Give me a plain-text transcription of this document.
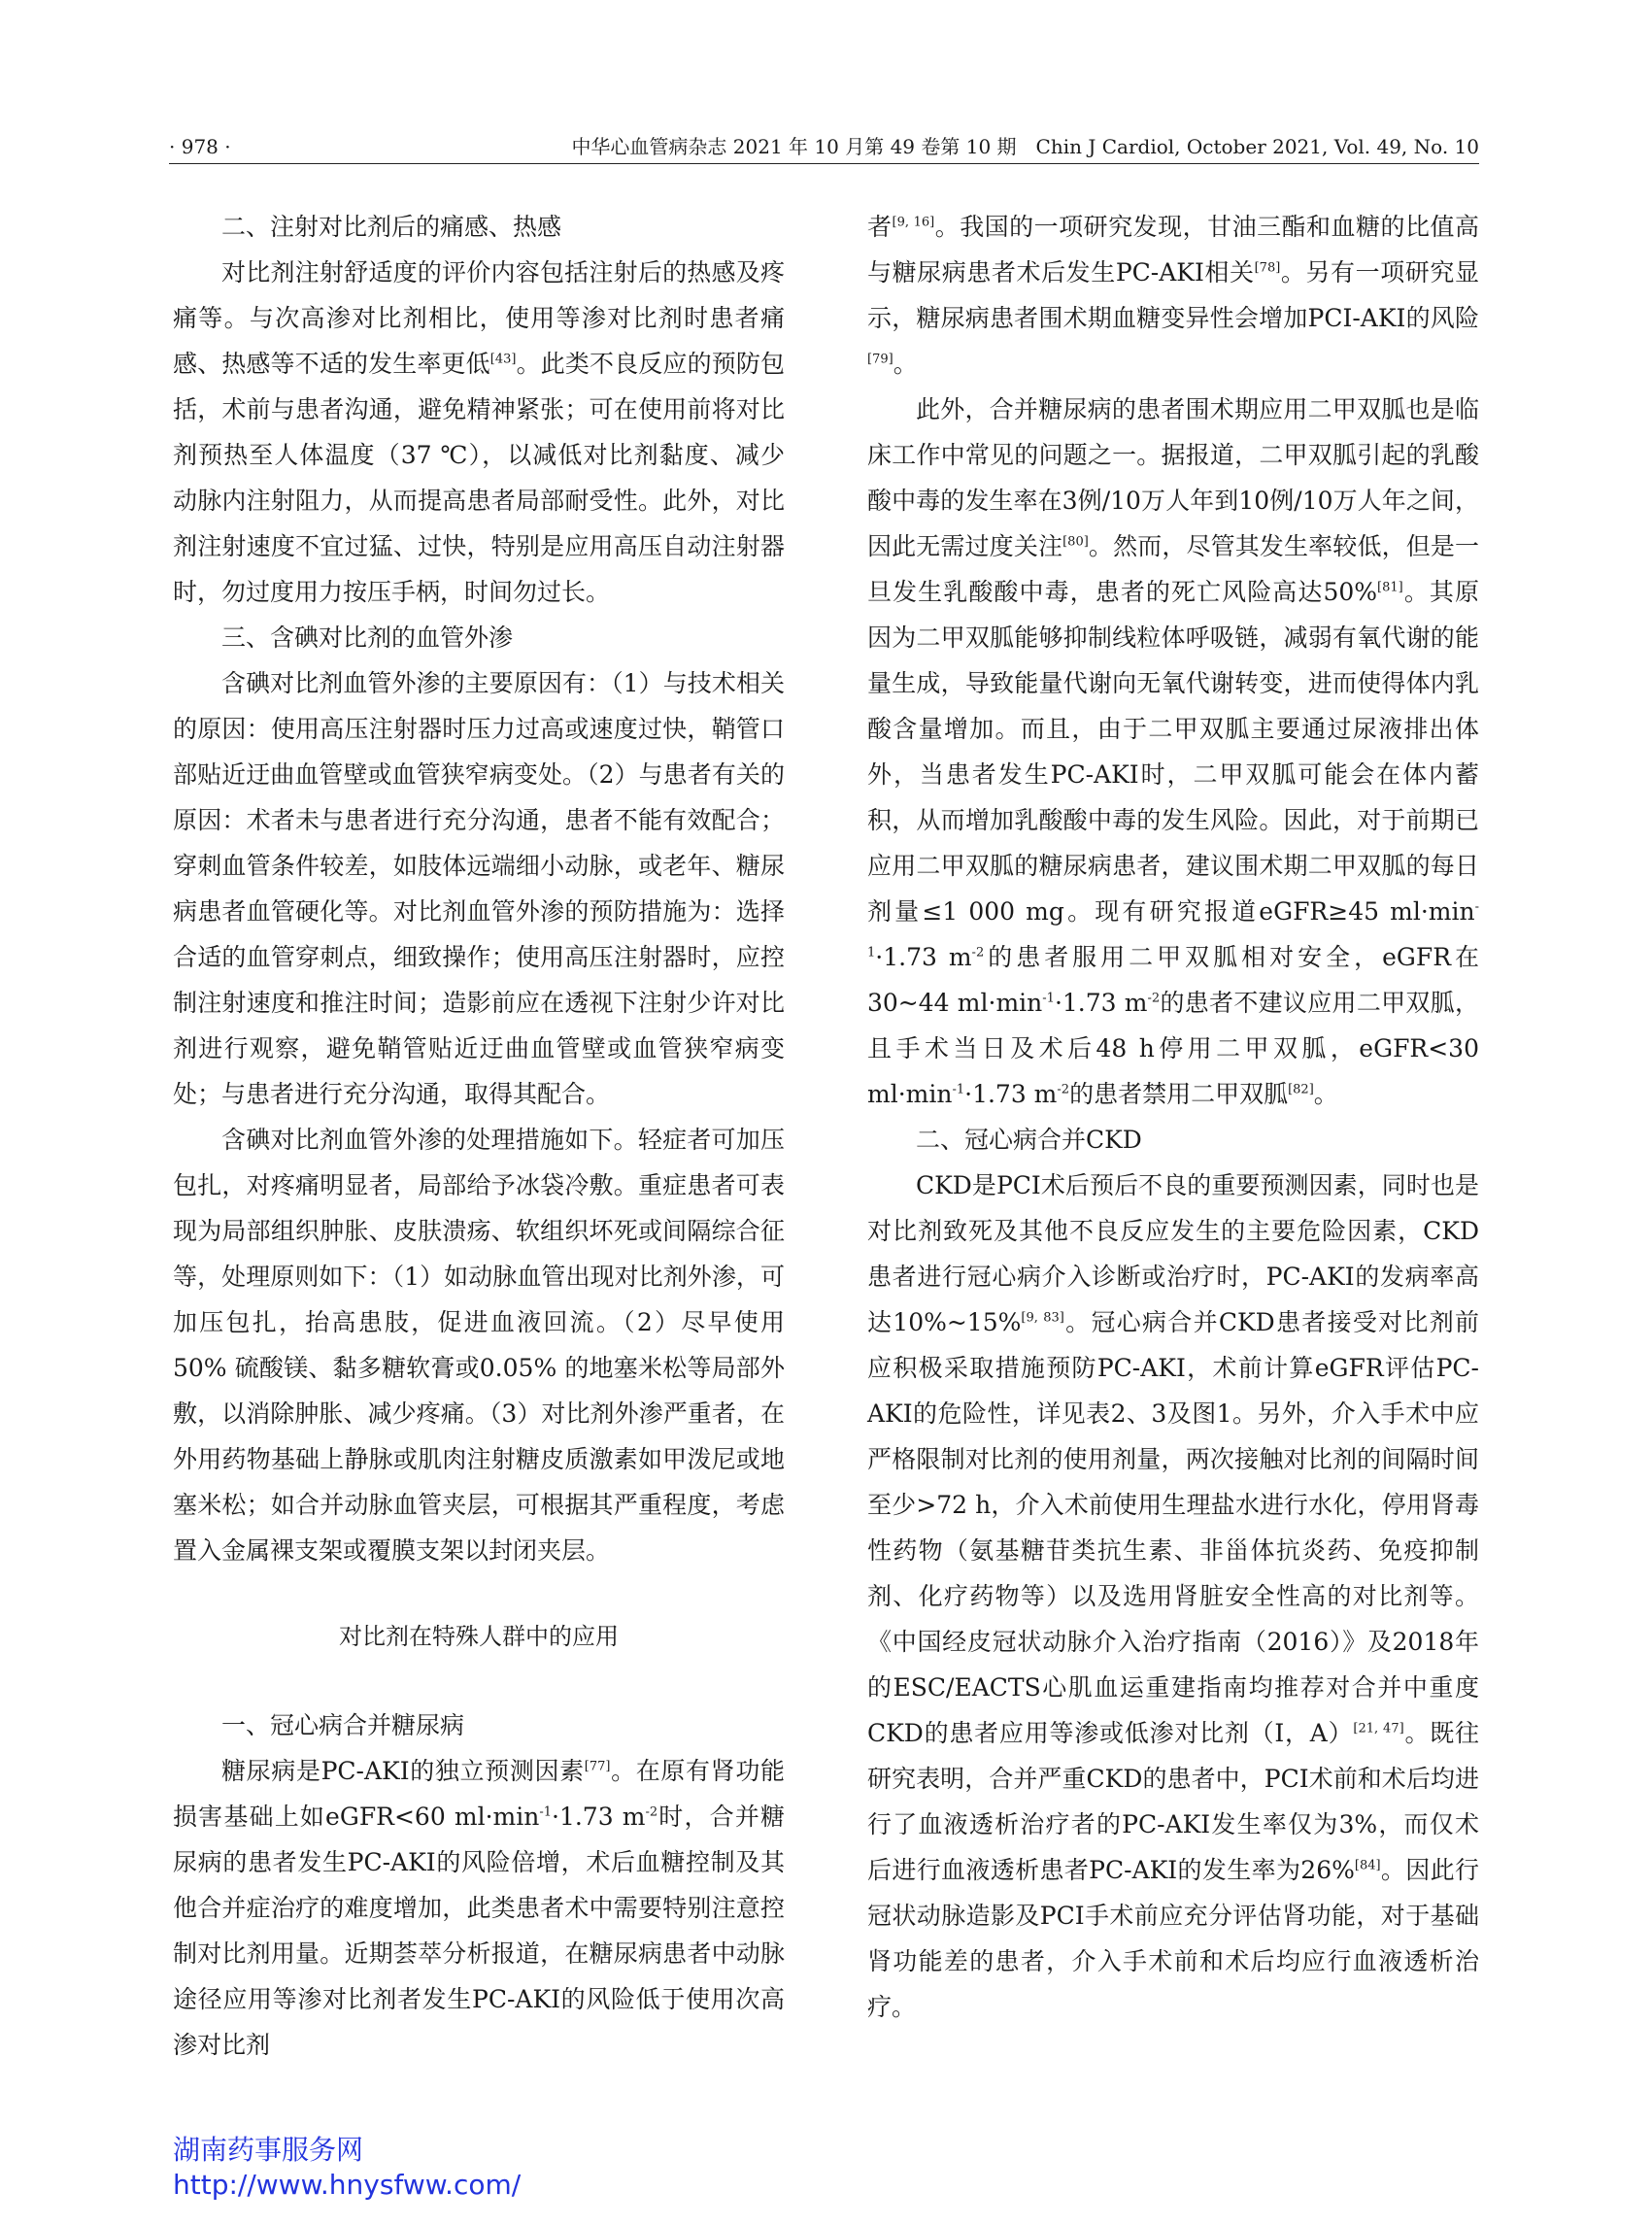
· 978 ·	中华心血管病杂志 2021 年 10 月第 49 卷第 10 期　Chin J Cardiol, October 2021, Vol. 49, No. 10

二、注射对比剂后的痛感、热感

对比剂注射舒适度的评价内容包括注射后的热感及疼痛等。与次高渗对比剂相比，使用等渗对比剂时患者痛感、热感等不适的发生率更低[43]。此类不良反应的预防包括，术前与患者沟通，避免精神紧张；可在使用前将对比剂预热至人体温度（37 ℃），以减低对比剂黏度、减少动脉内注射阻力，从而提高患者局部耐受性。此外，对比剂注射速度不宜过猛、过快，特别是应用高压自动注射器时，勿过度用力按压手柄，时间勿过长。

三、含碘对比剂的血管外渗

含碘对比剂血管外渗的主要原因有：（1）与技术相关的原因：使用高压注射器时压力过高或速度过快，鞘管口部贴近迂曲血管壁或血管狭窄病变处。（2）与患者有关的原因：术者未与患者进行充分沟通，患者不能有效配合；穿刺血管条件较差，如肢体远端细小动脉，或老年、糖尿病患者血管硬化等。对比剂血管外渗的预防措施为：选择合适的血管穿刺点，细致操作；使用高压注射器时，应控制注射速度和推注时间；造影前应在透视下注射少许对比剂进行观察，避免鞘管贴近迂曲血管壁或血管狭窄病变处；与患者进行充分沟通，取得其配合。

含碘对比剂血管外渗的处理措施如下。轻症者可加压包扎，对疼痛明显者，局部给予冰袋冷敷。重症患者可表现为局部组织肿胀、皮肤溃疡、软组织坏死或间隔综合征等，处理原则如下：（1）如动脉血管出现对比剂外渗，可加压包扎，抬高患肢，促进血液回流。（2）尽早使用50% 硫酸镁、黏多糖软膏或0.05% 的地塞米松等局部外敷，以消除肿胀、减少疼痛。（3）对比剂外渗严重者，在外用药物基础上静脉或肌肉注射糖皮质激素如甲泼尼或地塞米松；如合并动脉血管夹层，可根据其严重程度，考虑置入金属裸支架或覆膜支架以封闭夹层。

对比剂在特殊人群中的应用

一、冠心病合并糖尿病

糖尿病是PC-AKI的独立预测因素[77]。在原有肾功能损害基础上如eGFR<60 $ml\cdot\min^{-1}\cdot 1.73$ $m^{-2}$时，合并糖尿病的患者发生PC-AKI的风险倍增，术后血糖控制及其他合并症治疗的难度增加，此类患者术中需要特别注意控制对比剂用量。近期荟萃分析报道，在糖尿病患者中动脉途径应用等渗对比剂者发生PC-AKI的风险低于使用次高渗对比剂

者[9, 16]。我国的一项研究发现，甘油三酯和血糖的比值高与糖尿病患者术后发生PC-AKI相关[78]。另有一项研究显示，糖尿病患者围术期血糖变异性会增加PCI-AKI的风险[79]。

此外，合并糖尿病的患者围术期应用二甲双胍也是临床工作中常见的问题之一。据报道，二甲双胍引起的乳酸酸中毒的发生率在3例/10万人年到10例/10万人年之间，因此无需过度关注[80]。然而，尽管其发生率较低，但是一旦发生乳酸酸中毒，患者的死亡风险高达50%[81]。其原因为二甲双胍能够抑制线粒体呼吸链，减弱有氧代谢的能量生成，导致能量代谢向无氧代谢转变，进而使得体内乳酸含量增加。而且，由于二甲双胍主要通过尿液排出体外，当患者发生PC-AKI时，二甲双胍可能会在体内蓄积，从而增加乳酸酸中毒的发生风险。因此，对于前期已应用二甲双胍的糖尿病患者，建议围术期二甲双胍的每日剂量≤1 000 mg。现有研究报道eGFR≥45 $ml\cdot\min^{-1}\cdot 1.73$ $m^{-2}$的患者服用二甲双胍相对安全，eGFR在30~44 $ml\cdot\min^{-1}\cdot 1.73$ $m^{-2}$的患者不建议应用二甲双胍，且手术当日及术后48 h停用二甲双胍，eGFR<30 $ml\cdot\min^{-1}\cdot 1.73$ $m^{-2}$的患者禁用二甲双胍[82]。

二、冠心病合并CKD

CKD是PCI术后预后不良的重要预测因素，同时也是对比剂致死及其他不良反应发生的主要危险因素，CKD患者进行冠心病介入诊断或治疗时，PC-AKI的发病率高达10%~15%[9, 83]。冠心病合并CKD患者接受对比剂前应积极采取措施预防PC-AKI，术前计算eGFR评估PC-AKI的危险性，详见表2、3及图1。另外，介入手术中应严格限制对比剂的使用剂量，两次接触对比剂的间隔时间至少>72 h，介入术前使用生理盐水进行水化，停用肾毒性药物（氨基糖苷类抗生素、非甾体抗炎药、免疫抑制剂、化疗药物等）以及选用肾脏安全性高的对比剂等。《中国经皮冠状动脉介入治疗指南（2016）》及2018年的ESC/EACTS心肌血运重建指南均推荐对合并中重度CKD的患者应用等渗或低渗对比剂（Ⅰ，A）[21, 47]。既往研究表明，合并严重CKD的患者中，PCI术前和术后均进行了血液透析治疗者的PC-AKI发生率仅为3%，而仅术后进行血液透析患者PC-AKI的发生率为26%[84]。因此行冠状动脉造影及PCI手术前应充分评估肾功能，对于基础肾功能差的患者，介入手术前和术后均应行血液透析治疗。

湖南药事服务网
http://www.hnysfww.com/
